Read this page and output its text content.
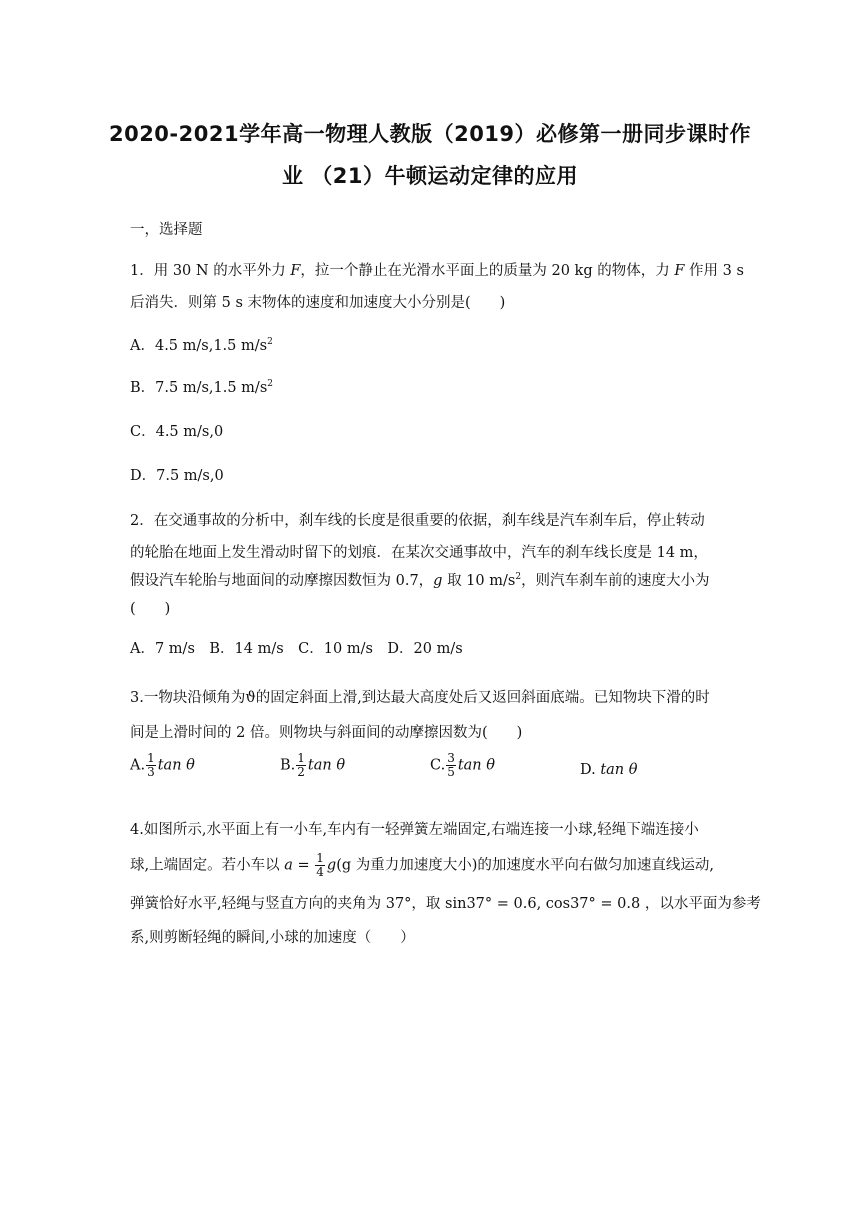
2020-2021学年高一物理人教版（2019）必修第一册同步课时作
业 （21）牛顿运动定律的应用
一，选择题
1．用 30 N 的水平外力 F，拉一个静止在光滑水平面上的质量为 20 kg 的物体，力 F 作用 3 s
后消失．则第 5 s 末物体的速度和加速度大小分别是(　　)
A．4.5 m/s,1.5 $m/s^2$
B．7.5 m/s,1.5 $m/s^2$
C．4.5 m/s,0
D．7.5 m/s,0
2．在交通事故的分析中，刹车线的长度是很重要的依据，刹车线是汽车刹车后，停止转动
的轮胎在地面上发生滑动时留下的划痕．在某次交通事故中，汽车的刹车线长度是 14 m，
假设汽车轮胎与地面间的动摩擦因数恒为 0.7，g 取 10 $m/s^2$，则汽车刹车前的速度大小为
(　　)
A．7 m/s　B．14 m/s　C．10 m/s　D．20 m/s
3.一物块沿倾角为ϑ的固定斜面上滑,到达最大高度处后又返回斜面底端。已知物块下滑的时
间是上滑时间的 2 倍。则物块与斜面间的动摩擦因数为(　　)
A. $\frac{1}{3}$ tan θ	B. $\frac{1}{2}$ tan θ	C. $\frac{3}{5}$ tan θ	D. tan θ
4.如图所示,水平面上有一小车,车内有一轻弹簧左端固定,右端连接一小球,轻绳下端连接小
球,上端固定。若小车以 $a = \frac{1}{4} g(g$ 为重力加速度大小)的加速度水平向右做匀加速直线运动,
弹簧恰好水平,轻绳与竖直方向的夹角为 37°，取 sin37° = 0.6, cos37° = 0.8 ，以水平面为参考
系,则剪断轻绳的瞬间,小球的加速度（　　）
